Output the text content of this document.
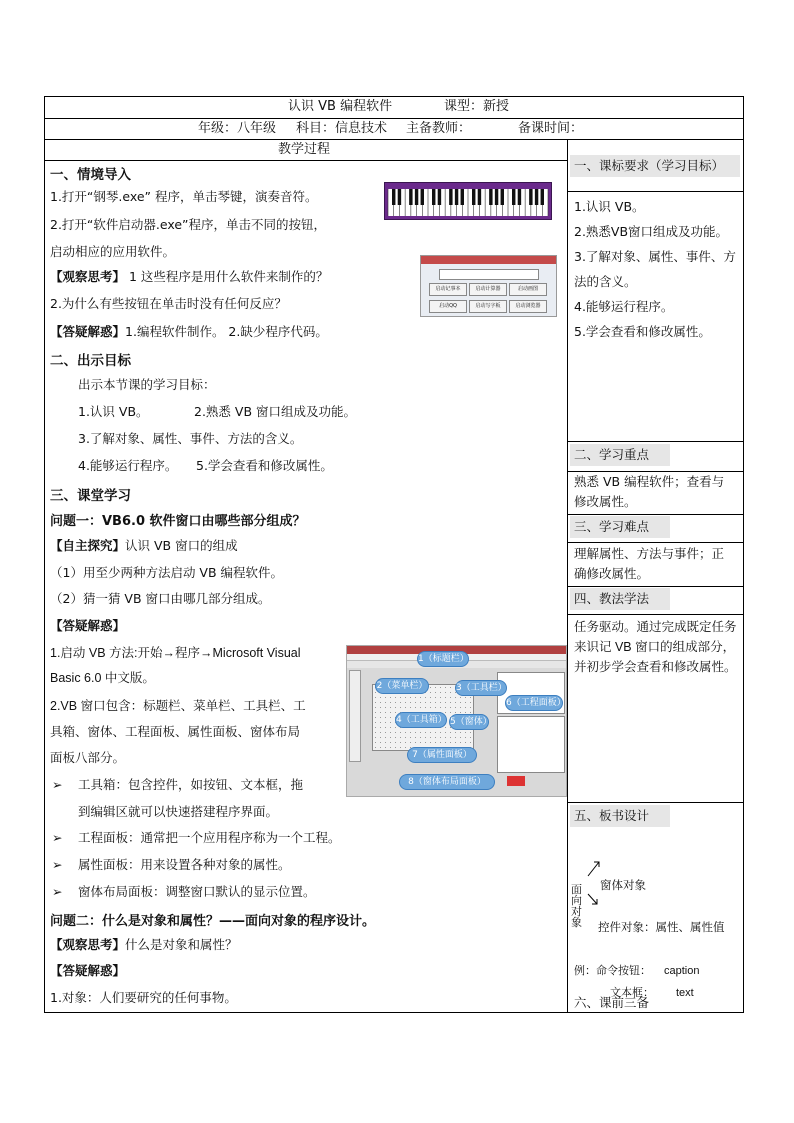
认识 VB 编程软件	课型：新授
年级：八年级 科目：信息技术 主备教师：	备课时间：
教学过程
一、情境导入
1.打开“钢琴.exe” 程序，单击琴键，演奏音符。
2.打开“软件启动器.exe”程序，单击不同的按钮，
启动相应的应用软件。
【观察思考】 1 这些程序是用什么软件来制作的？
2.为什么有些按钮在单击时没有任何反应？
【答疑解惑】1.编程软件制作。 2.缺少程序代码。
二、出示目标
出示本节课的学习目标：
1.认识 VB。	2.熟悉 VB 窗口组成及功能。
3.了解对象、属性、事件、方法的含义。
4.能够运行程序。 5.学会查看和修改属性。
三、课堂学习
问题一：VB6.0 软件窗口由哪些部分组成？
【自主探究】认识 VB 窗口的组成
（1）用至少两种方法启动 VB 编程软件。
（2）猜一猜 VB 窗口由哪几部分组成。
【答疑解惑】
1.启动 VB 方法:开始→程序→Microsoft Visual
Basic 6.0 中文版。
2.VB 窗口包含：标题栏、菜单栏、工具栏、工
具箱、窗体、工程面板、属性面板、窗体布局
面板八部分。
➢ 工具箱：包含控件，如按钮、文本框，拖
到编辑区就可以快速搭建程序界面。
➢ 工程面板：通常把一个应用程序称为一个工程。
➢ 属性面板：用来设置各种对象的属性。
➢ 窗体布局面板：调整窗口默认的显示位置。
问题二：什么是对象和属性？——面向对象的程序设计。
【观察思考】什么是对象和属性？
【答疑解惑】
1.对象：人们要研究的任何事物。
启动记事本	启动计算器	启动画图
启动QQ	启动写字板	启动浏览器
1（标题栏）
2（菜单栏）	3（工具栏）
4（工具箱） 5（窗体）
6（工程面板）
7（属性面板）
8（窗体布局面板）
一、课标要求（学习目标）
1.认识 VB。
2.熟悉VB窗口组成及功能。
3.了解对象、属性、事件、方法的含义。
4.能够运行程序。
5.学会查看和修改属性。
二、学习重点
熟悉 VB 编程软件；查看与修改属性。
三、学习难点
理解属性、方法与事件；正确修改属性。
四、教法学法
任务驱动。通过完成既定任务来识记 VB 窗口的组成部分，并初步学会查看和修改属性。
五、板书设计
面向对象
窗体对象
控件对象：属性、属性值
例：命令按钮： caption
文本框： text
六、课前三备
